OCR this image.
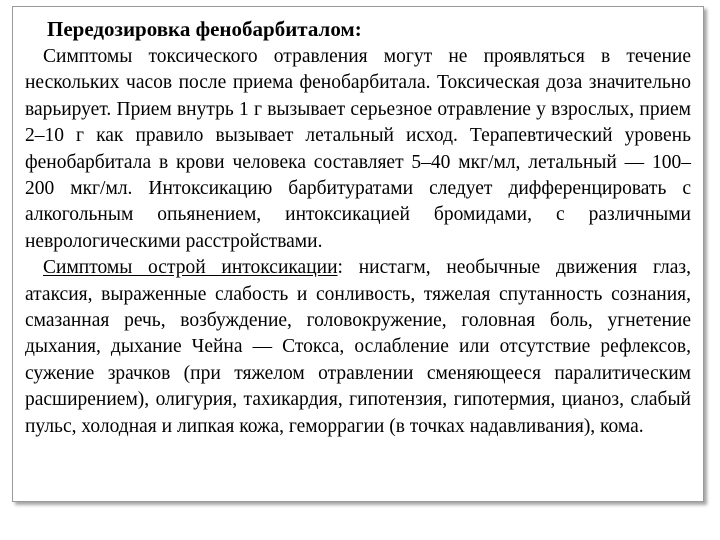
Передозировка фенобарбиталом:

Симптомы токсического отравления могут не проявляться в течение нескольких часов после приема фенобарбитала. Токсическая доза значительно варьирует. Прием внутрь 1 г вызывает серьезное отравление у взрослых, прием 2–10 г как правило вызывает летальный исход. Терапевтический уровень фенобарбитала в крови человека составляет 5–40 мкг/мл, летальный — 100–200 мкг/мл. Интоксикацию барбитуратами следует дифференцировать с алкогольным опьянением, интоксикацией бромидами, с различными неврологическими расстройствами.

Симптомы острой интоксикации: нистагм, необычные движения глаз, атаксия, выраженные слабость и сонливость, тяжелая спутанность сознания, смазанная речь, возбуждение, головокружение, головная боль, угнетение дыхания, дыхание Чейна — Стокса, ослабление или отсутствие рефлексов, сужение зрачков (при тяжелом отравлении сменяющееся паралитическим расширением), олигурия, тахикардия, гипотензия, гипотермия, цианоз, слабый пульс, холодная и липкая кожа, геморрагии (в точках надавливания), кома.
